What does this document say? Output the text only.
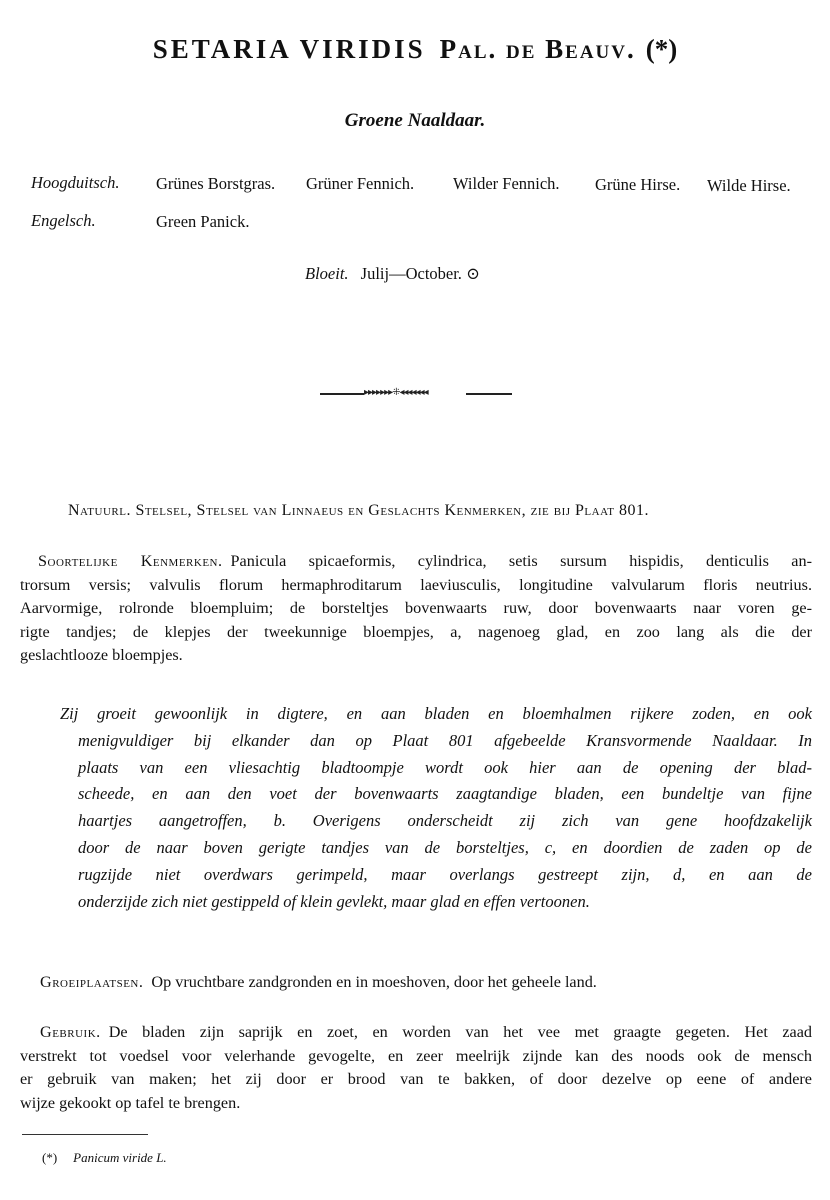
SETARIA VIRIDIS Pal. de Beauv. (*)
Groene Naaldaar.
Hoogduitsch. Grünes Borstgras. Grüner Fennich. Wilder Fennich. Grüne Hirse. Wilde Hirse.
Engelsch.	Green Panick.
Bloeit. Julij—October. ⊙
▸▸▸▸▸▸▸⁜◂◂◂◂◂◂◂
Natuurl. Stelsel, Stelsel van Linnaeus en Geslachts Kenmerken, zie bij Plaat 801.
Soortelijke Kenmerken. Panicula spicaeformis, cylindrica, setis sursum hispidis, denticulis an-
trorsum versis; valvulis florum hermaphroditarum laeviusculis, longitudine valvularum floris neutrius.
Aarvormige, rolronde bloempluim; de borsteltjes bovenwaarts ruw, door bovenwaarts naar voren ge-
rigte tandjes; de klepjes der tweekunnige bloempjes, a, nagenoeg glad, en zoo lang als die der
geslachtlooze bloempjes.
Zij groeit gewoonlijk in digtere, en aan bladen en bloemhalmen rijkere zoden, en ook
menigvuldiger bij elkander dan op Plaat 801 afgebeelde Kransvormende Naaldaar. In
plaats van een vliesachtig bladtoompje wordt ook hier aan de opening der blad-
scheede, en aan den voet der bovenwaarts zaagtandige bladen, een bundeltje van fijne
haartjes aangetroffen, b. Overigens onderscheidt zij zich van gene hoofdzakelijk
door de naar boven gerigte tandjes van de borsteltjes, c, en doordien de zaden op de
rugzijde niet overdwars gerimpeld, maar overlangs gestreept zijn, d, en aan de
onderzijde zich niet gestippeld of klein gevlekt, maar glad en effen vertoonen.
Groeiplaatsen. Op vruchtbare zandgronden en in moeshoven, door het geheele land.
Gebruik. De bladen zijn saprijk en zoet, en worden van het vee met graagte gegeten. Het zaad
verstrekt tot voedsel voor velerhande gevogelte, en zeer meelrijk zijnde kan des noods ook de mensch
er gebruik van maken; het zij door er brood van te bakken, of door dezelve op eene of andere
wijze gekookt op tafel te brengen.
(*) Panicum viride L.
